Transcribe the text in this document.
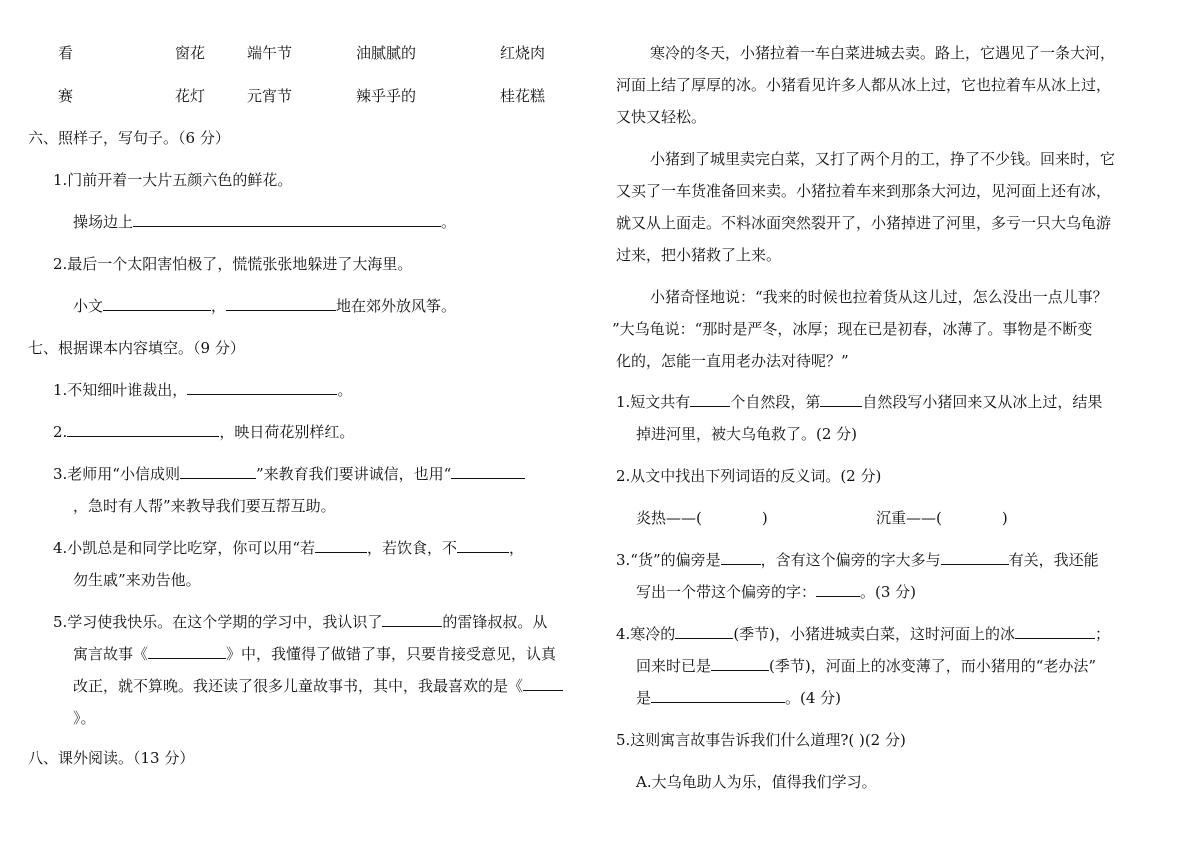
看	窗花	端午节	油腻腻的	红烧肉
赛	花灯	元宵节	辣乎乎的	桂花糕
六、照样子，写句子。（6 分）
1.门前开着一大片五颜六色的鲜花。
操场边上	。
2.最后一个太阳害怕极了，慌慌张张地躲进了大海里。
小文	，	地在郊外放风筝。
七、根据课本内容填空。（9 分）
1.不知细叶谁裁出，	。
2.	，映日荷花别样红。
3.老师用“小信成则	”来教育我们要讲诚信，也用“
，急时有人帮”来教导我们要互帮互助。
4.小凯总是和同学比吃穿，你可以用“若	，若饮食，不	，
勿生戚”来劝告他。
5.学习使我快乐。在这个学期的学习中，我认识了	的雷锋叔叔。从
寓言故事《	》中，我懂得了做错了事，只要肯接受意见，认真
改正，就不算晚。我还读了很多儿童故事书，其中，我最喜欢的是《
》。
八、课外阅读。（13 分）
寒冷的冬天，小猪拉着一车白菜进城去卖。路上，它遇见了一条大河，
河面上结了厚厚的冰。小猪看见许多人都从冰上过，它也拉着车从冰上过，
又快又轻松。
小猪到了城里卖完白菜，又打了两个月的工，挣了不少钱。回来时，它
又买了一车货准备回来卖。小猪拉着车来到那条大河边，见河面上还有冰，
就又从上面走。不料冰面突然裂开了，小猪掉进了河里，多亏一只大乌龟游
过来，把小猪救了上来。
小猪奇怪地说：“我来的时候也拉着货从这儿过，怎么没出一点儿事？
”大乌龟说：“那时是严冬，冰厚；现在已是初春，冰薄了。事物是不断变
化的，怎能一直用老办法对待呢？”
1.短文共有	个自然段，第	自然段写小猪回来又从冰上过，结果
掉进河里，被大乌龟救了。(2 分)
2.从文中找出下列词语的反义词。(2 分)
炎热——(	)	沉重——(	)
3.“货”的偏旁是	，含有这个偏旁的字大多与	有关，我还能
写出一个带这个偏旁的字：	。(3 分)
4.寒冷的	(季节)，小猪进城卖白菜，这时河面上的冰	；
回来时已是	(季节)，河面上的冰变薄了，而小猪用的“老办法”
是	。(4 分)
5.这则寓言故事告诉我们什么道理?( )(2 分)
A.大乌龟助人为乐，值得我们学习。
